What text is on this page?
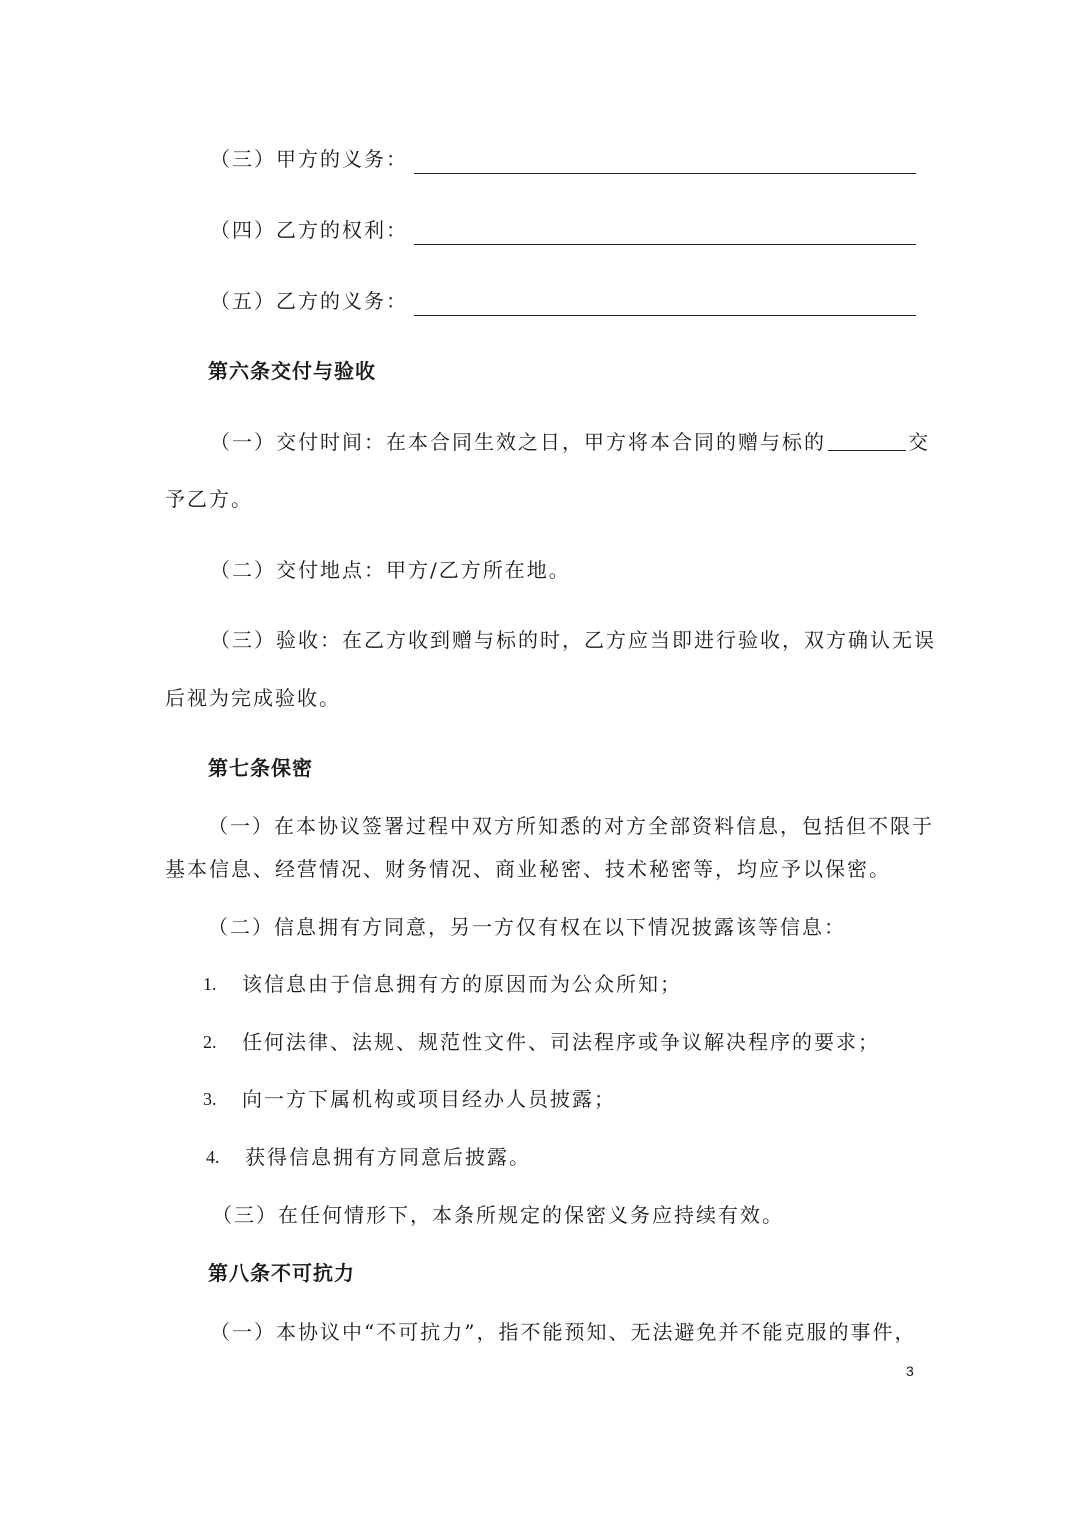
（三）甲方的义务：
（四）乙方的权利：
（五）乙方的义务：
第六条交付与验收
（一）交付时间：在本合同生效之日，甲方将本合同的赠与标的	交
予乙方。
（二）交付地点：甲方/乙方所在地。
（三）验收：在乙方收到赠与标的时，乙方应当即进行验收，双方确认无误
后视为完成验收。
第七条保密
（一）在本协议签署过程中双方所知悉的对方全部资料信息，包括但不限于
基本信息、经营情况、财务情况、商业秘密、技术秘密等，均应予以保密。
（二）信息拥有方同意，另一方仅有权在以下情况披露该等信息：
1. 该信息由于信息拥有方的原因而为公众所知；
2. 任何法律、法规、规范性文件、司法程序或争议解决程序的要求；
3. 向一方下属机构或项目经办人员披露；
4. 获得信息拥有方同意后披露。
（三）在任何情形下，本条所规定的保密义务应持续有效。
第八条不可抗力
（一）本协议中“不可抗力”，指不能预知、无法避免并不能克服的事件，
3
